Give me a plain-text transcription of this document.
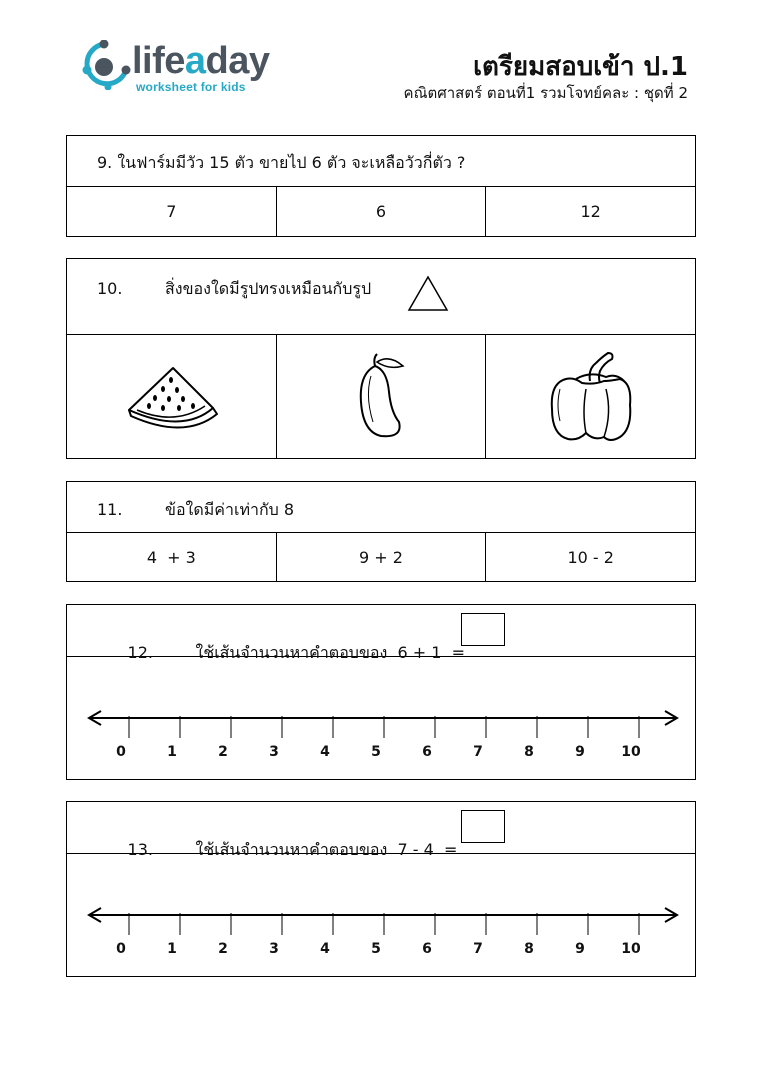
lifeaday
worksheet for kids
เตรียมสอบเข้า ป.1
คณิตศาสตร์ ตอนที่1 รวมโจทย์คละ : ชุดที่ 2
9. ในฟาร์มมีวัว 15 ตัว ขายไป 6 ตัว จะเหลือวัวกี่ตัว ?
7	6	12
10.	สิ่งของใดมีรูปทรงเหมือนกับรูป
11.	ข้อใดมีค่าเท่ากับ 8
4  + 3	9 + 2	10 - 2

12.	ใช้เส้นจำนวนหาคำตอบของ  6 + 1  =

0	1	2	3	4	5	6	7	8	9	10

13.	ใช้เส้นจำนวนหาคำตอบของ  7 - 4  =

0	1	2	3	4	5	6	7	8	9	10
